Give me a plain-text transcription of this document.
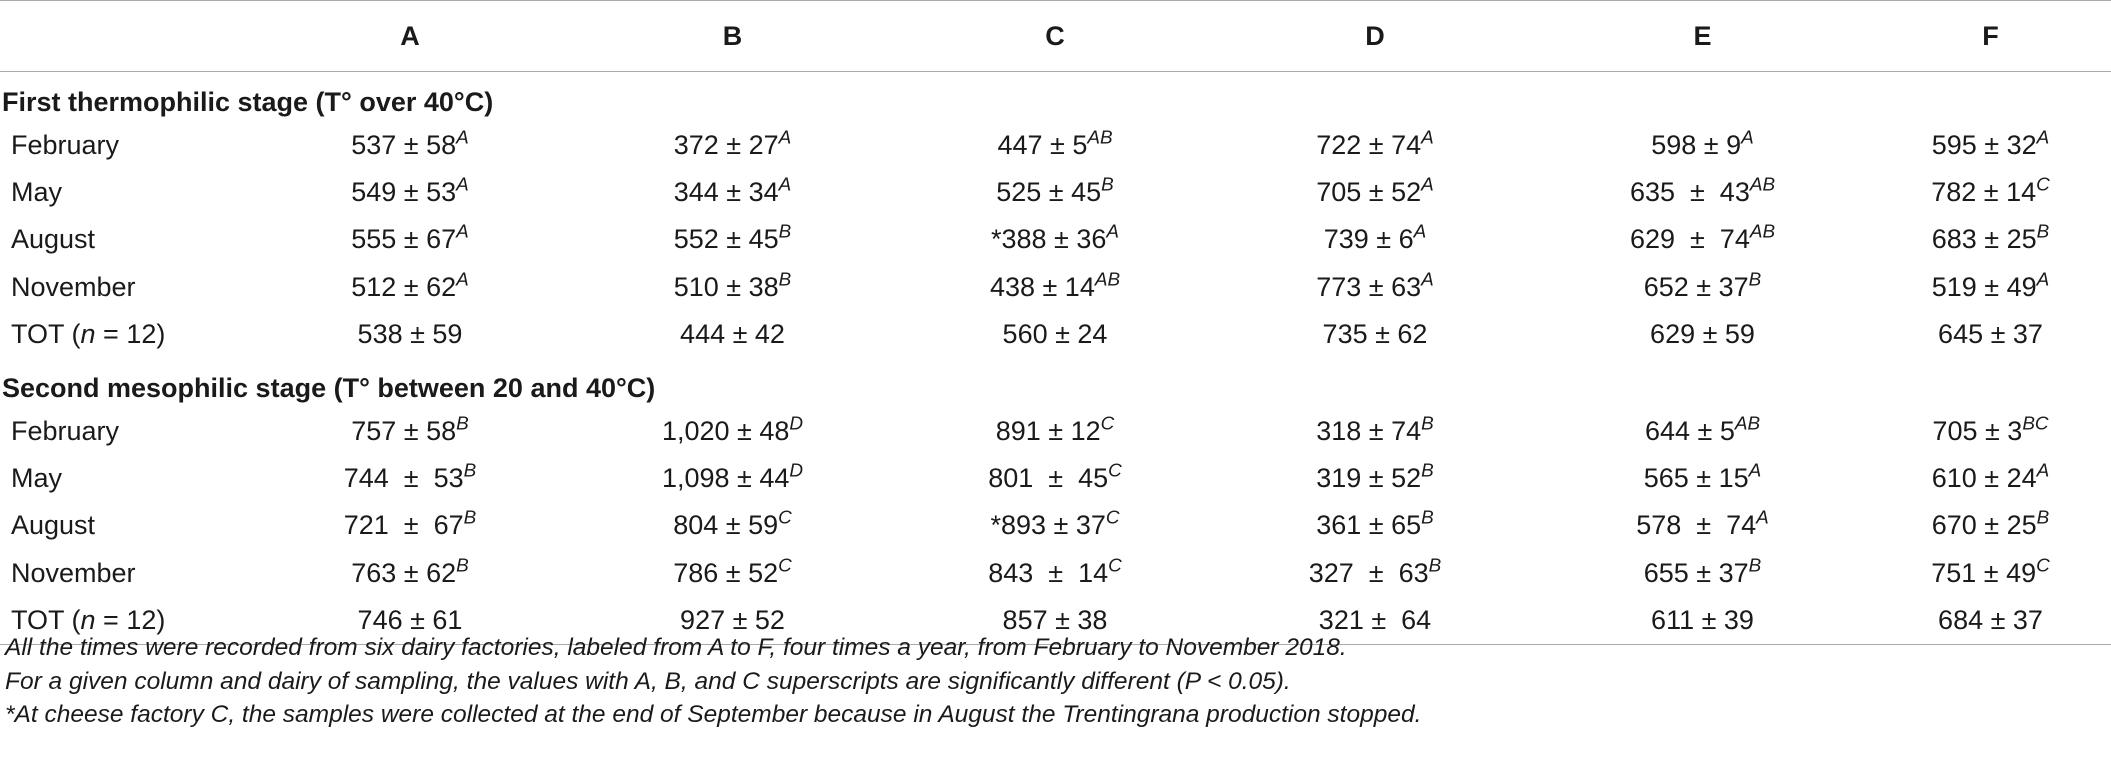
	A	B	C	D	E	F
First thermophilic stage (T° over 40°C)						
February	$537 \pm 58^A$	$372 \pm 27^A$	$447 \pm 5^{AB}$	$722 \pm 74^A$	$598 \pm 9^A$	$595 \pm 32^A$
May	$549 \pm 53^A$	$344 \pm 34^A$	$525 \pm 45^B$	$705 \pm 52^A$	$635 \pm 43^{AB}$	$782 \pm 14^C$
August	$555 \pm 67^A$	$552 \pm 45^B$	$*388 \pm 36^A$	$739 \pm 6^A$	$629 \pm 74^{AB}$	$683 \pm 25^B$
November	$512 \pm 62^A$	$510 \pm 38^B$	$438 \pm 14^{AB}$	$773 \pm 63^A$	$652 \pm 37^B$	$519 \pm 49^A$
TOT (n = 12)	538 ± 59	444 ± 42	560 ± 24	735 ± 62	629 ± 59	645 ± 37
Second mesophilic stage (T° between 20 and 40°C)						
February	$757 \pm 58^B$	$1,020 \pm 48^D$	$891 \pm 12^C$	$318 \pm 74^B$	$644 \pm 5^{AB}$	$705 \pm 3^{BC}$
May	$744 \pm 53^B$	$1,098 \pm 44^D$	$801 \pm 45^C$	$319 \pm 52^B$	$565 \pm 15^A$	$610 \pm 24^A$
August	$721 \pm 67^B$	$804 \pm 59^C$	$*893 \pm 37^C$	$361 \pm 65^B$	$578 \pm 74^A$	$670 \pm 25^B$
November	$763 \pm 62^B$	$786 \pm 52^C$	$843 \pm 14^C$	$327 \pm 63^B$	$655 \pm 37^B$	$751 \pm 49^C$
TOT (n = 12)	746 ± 61	927 ± 52	857 ± 38	321 ±  64	611 ± 39	684 ± 37
All the times were recorded from six dairy factories, labeled from A to F, four times a year, from February to November 2018.
For a given column and dairy of sampling, the values with A, B, and C superscripts are significantly different (P < 0.05).
*At cheese factory C, the samples were collected at the end of September because in August the Trentingrana production stopped.
